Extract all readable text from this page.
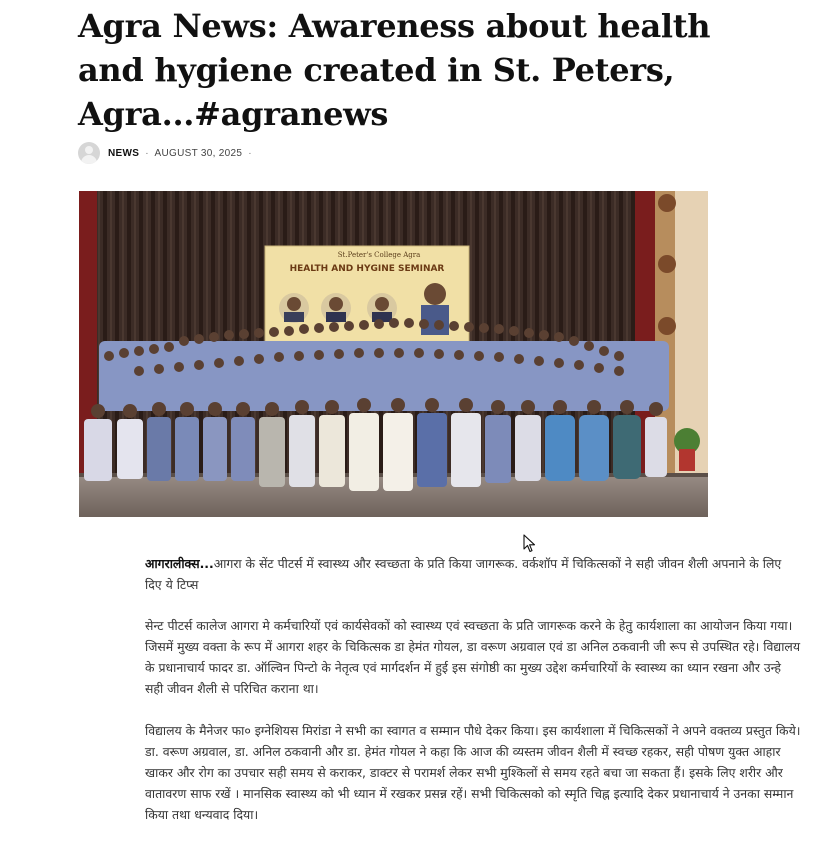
Agra News: Awareness about health and hygiene created in St. Peters, Agra...#agranews
NEWS · AUGUST 30, 2025 ·
St.Peter's College Agra
HEALTH AND HYGINE SEMINAR

आगरालीक्स...आगरा के सेंट पीटर्स में स्वास्थ्य और स्वच्छता के प्रति किया जागरूक. वर्कशॉप में चिकित्सकों ने सही जीवन शैली अपनाने के लिए दिए ये टिप्स

सेन्ट पीटर्स कालेज आगरा मे कर्मचारियों एवं कार्यसेवकों को स्वास्थ्य एवं स्वच्छता के प्रति जागरूक करने के हेतु कार्यशाला का आयोजन किया गया। जिसमें मुख्य वक्ता के रूप में आगरा शहर के चिकित्सक डा हेमंत गोयल, डा वरूण अग्रवाल एवं डा अनिल ठकवानी जी रूप से उपस्थित रहे। विद्यालय के प्रधानाचार्य फादर डा. ऑल्विन पिन्टो के नेतृत्व एवं मार्गदर्शन में हुई इस संगोष्ठी का मुख्य उद्देश कर्मचारियों के स्वास्थ्य का ध्यान रखना और उन्हे सही जीवन शैली से परिचित कराना था।

विद्यालय के मैनेजर फा० इग्नेशियस मिरांडा ने सभी का स्वागत व सम्मान पौधे देकर किया। इस कार्यशाला में चिकित्सकों ने अपने वक्तव्य प्रस्तुत किये। डा. वरूण अग्रवाल, डा. अनिल ठकवानी और डा. हेमंत गोयल ने कहा कि आज की व्यस्तम जीवन शैली में स्वच्छ रहकर, सही पोषण युक्त आहार खाकर और रोग का उपचार सही समय से कराकर, डाक्टर से परामर्श लेकर सभी मुश्किलों से समय रहते बचा जा सकता हैं। इसके लिए शरीर और वातावरण साफ रखें । मानसिक स्वास्थ्य को भी ध्यान में रखकर प्रसन्न रहें। सभी चिकित्सको को स्मृति चिह्न इत्यादि देकर प्रधानाचार्य ने उनका सम्मान किया तथा धन्यवाद दिया।
